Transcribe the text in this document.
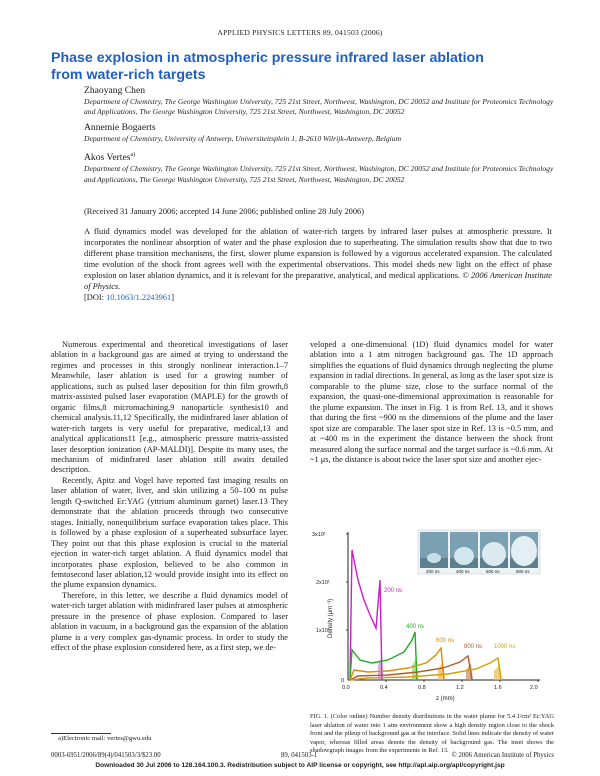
APPLIED PHYSICS LETTERS 89, 041503 (2006)
Phase explosion in atmospheric pressure infrared laser ablation from water-rich targets
Zhaoyang Chen
Department of Chemistry, The George Washington University, 725 21st Street, Northwest, Washington, DC 20052 and Institute for Proteomics Technology and Applications, The George Washington University, 725 21st Street, Northwest, Washington, DC 20052
Annemie Bogaerts
Department of Chemistry, University of Antwerp, Universiteitsplein 1, B-2610 Wilrijk-Antwerp, Belgium
Akos Vertes$^{a)}$
Department of Chemistry, The George Washington University, 725 21st Street, Northwest, Washington, DC 20052 and Institute for Proteomics Technology and Applications, The George Washington University, 725 21st Street, Northwest, Washington, DC 20052
(Received 31 January 2006; accepted 14 June 2006; published online 28 July 2006)
A fluid dynamics model was developed for the ablation of water-rich targets by infrared laser pulses at atmospheric pressure. It incorporates the nonlinear absorption of water and the phase explosion due to superheating. The simulation results show that due to two different phase transition mechanisms, the first, slower plume expansion is followed by a vigorous accelerated expansion. The calculated time evolution of the shock front agrees well with the experimental observations. This model sheds new light on the effect of phase explosion on laser ablation dynamics, and it is relevant for the preparative, analytical, and medical applications. © 2006 American Institute of Physics.
[DOI: 10.1063/1.2243961]

Numerous experimental and theoretical investigations of laser ablation in a background gas are aimed at trying to understand the regimes and processes in this strongly nonlinear interaction.1–7 Meanwhile, laser ablation is used for a growing number of applications, such as pulsed laser deposition for thin film growth,8 matrix-assisted pulsed laser evaporation (MAPLE) for the growth of organic films,8 micromachining,9 nanoparticle synthesis10 and chemical analysis.11,12 Specifically, the midinfrared laser ablation of water-rich targets is very useful for preparative, medical,13 and analytical applications11 [e.g., atmospheric pressure matrix-assisted laser desorption ionization (AP-MALDI)]. Despite its many uses, the mechanism of midinfrared laser ablation still awaits detailed description.

Recently, Apitz and Vogel have reported fast imaging results on laser ablation of water, liver, and skin utilizing a 50–100 ns pulse length Q-switched Er:YAG (yttrium aluminum garnet) laser.13 They demonstrate that the ablation proceeds through two consecutive stages. Initially, nonequilibrium surface evaporation takes place. This is followed by a phase explosion of a superheated subsurface layer. They point out that this phase explosion is crucial to the material ejection in water-rich target ablation. A fluid dynamics model that incorporates phase explosion, believed to be also common in femtosecond laser ablation,12 would provide insight into its effect on the plume expansion dynamics.

Therefore, in this letter, we describe a fluid dynamics model of water-rich target ablation with midinfrared laser pulses at atmospheric pressure in the presence of phase explosion. Compared to laser ablation in vacuum, in a background gas the expansion of the ablation plume is a very complex gas-dynamic process. In order to study the effect of the phase explosion considered here, as a first step, we de-

veloped a one-dimensional (1D) fluid dynamics model for water ablation into a 1 atm nitrogen background gas. The 1D approach simplifies the equations of fluid dynamics through neglecting the plume expansion in radial directions. In general, as long as the laser spot size is comparable to the plume size, close to the surface normal of the expansion, the quasi-one-dimensional approximation is reasonable for the plume expansion. The inset in Fig. 1 is from Ref. 13, and it shows that during the first ~900 ns the dimensions of the plume and the laser spot size are comparable. The laser spot size in Ref. 13 is ~0.5 mm, and at ~400 ns in the experiment the distance between the shock front measured along the surface normal and the target surface is ~0.6 mm. At ~1 μs, the distance is about twice the laser spot size and another ejec-

200 ns	400 ns	600 ns	900 ns
200 ns
400 ns
600 ns
800 ns 1000 ns
3x10¹
2x10¹
1x10¹
0
Density (μm⁻³)
0.0	0.4	0.8	1.2	1.6	2.0
z (mm)
FIG. 1. (Color online) Number density distributions in the water plume for 5.4 J/cm² Er:YAG laser ablation of water into 1 atm environment show a high density region close to the shock front and the pileup of background gas at the interface. Solid lines indicate the density of water vapor, whereas filled areas denote the density of background gas. The inset shows the shadowgraph images from the experiments in Ref. 13.
a)Electronic mail: vertes@gwu.edu
0003-6951/2006/89(4)/041503/3/$23.00	89, 041503-1	© 2006 American Institute of Physics
Downloaded 30 Jul 2006 to 128.164.100.3. Redistribution subject to AIP license or copyright, see http://apl.aip.org/apl/copyright.jsp
